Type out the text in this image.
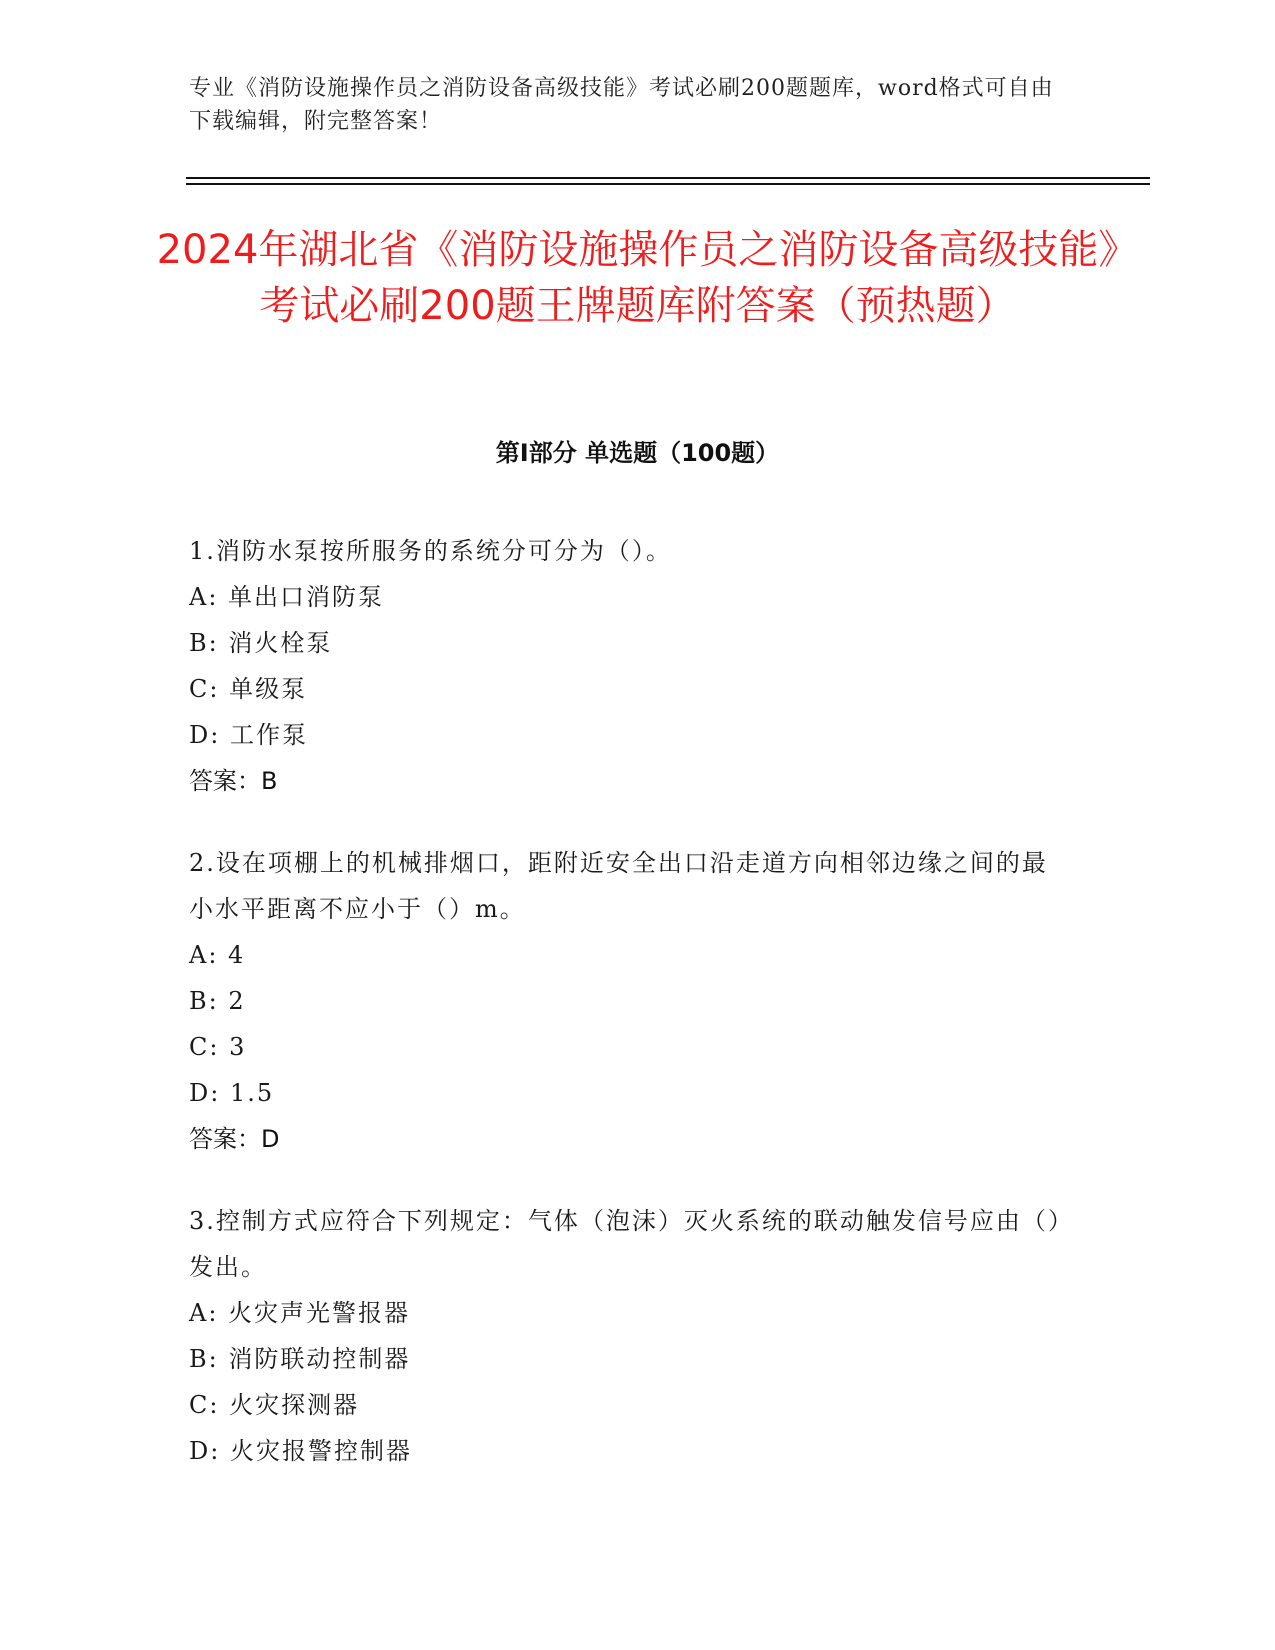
专业《消防设施操作员之消防设备高级技能》考试必刷200题题库，word格式可自由下载编辑，附完整答案！
2024年湖北省《消防设施操作员之消防设备高级技能》考试必刷200题王牌题库附答案（预热题）
第I部分 单选题（100题）

1.消防水泵按所服务的系统分可分为（）。

A: 单出口消防泵

B: 消火栓泵

C: 单级泵

D: 工作泵

答案：B

2.设在项棚上的机械排烟口，距附近安全出口沿走道方向相邻边缘之间的最小水平距离不应小于（）m。

A: 4

B: 2

C: 3

D: 1.5

答案：D

3.控制方式应符合下列规定：气体（泡沫）灭火系统的联动触发信号应由（）发出。

A: 火灾声光警报器

B: 消防联动控制器

C: 火灾探测器

D: 火灾报警控制器
